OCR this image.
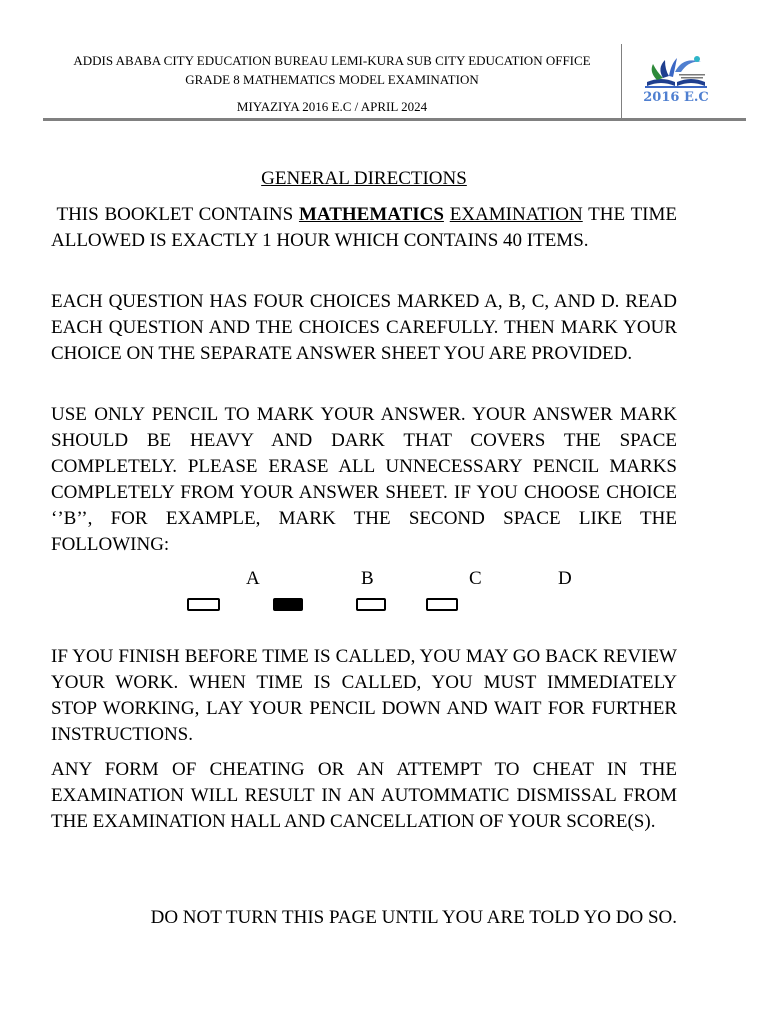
ADDIS ABABA CITY EDUCATION BUREAU LEMI-KURA SUB CITY EDUCATION OFFICE
GRADE 8 MATHEMATICS MODEL EXAMINATION
MIYAZIYA 2016 E.C / APRIL 2024
2016 E.C
GENERAL DIRECTIONS

THIS BOOKLET CONTAINS MATHEMATICS EXAMINATION THE TIME ALLOWED IS EXACTLY 1 HOUR WHICH CONTAINS 40 ITEMS.

EACH QUESTION HAS FOUR CHOICES MARKED A, B, C, AND D. READ EACH QUESTION AND THE CHOICES CAREFULLY. THEN MARK YOUR CHOICE ON THE SEPARATE ANSWER SHEET YOU ARE PROVIDED.

USE ONLY PENCIL TO MARK YOUR ANSWER. YOUR ANSWER MARK SHOULD BE HEAVY AND DARK THAT COVERS THE SPACE COMPLETELY. PLEASE ERASE ALL UNNECESSARY PENCIL MARKS COMPLETELY FROM YOUR ANSWER SHEET. IF YOU CHOOSE CHOICE ‘’B’’, FOR EXAMPLE, MARK THE SECOND SPACE LIKE THE FOLLOWING:

A	B	C	D

IF YOU FINISH BEFORE TIME IS CALLED, YOU MAY GO BACK REVIEW YOUR WORK. WHEN TIME IS CALLED, YOU MUST IMMEDIATELY STOP WORKING, LAY YOUR PENCIL DOWN AND WAIT FOR FURTHER INSTRUCTIONS.

ANY FORM OF CHEATING OR AN ATTEMPT TO CHEAT IN THE EXAMINATION WILL RESULT IN AN AUTOMMATIC DISMISSAL FROM THE EXAMINATION HALL AND CANCELLATION OF YOUR SCORE(S).

DO NOT TURN THIS PAGE UNTIL YOU ARE TOLD YO DO SO.
